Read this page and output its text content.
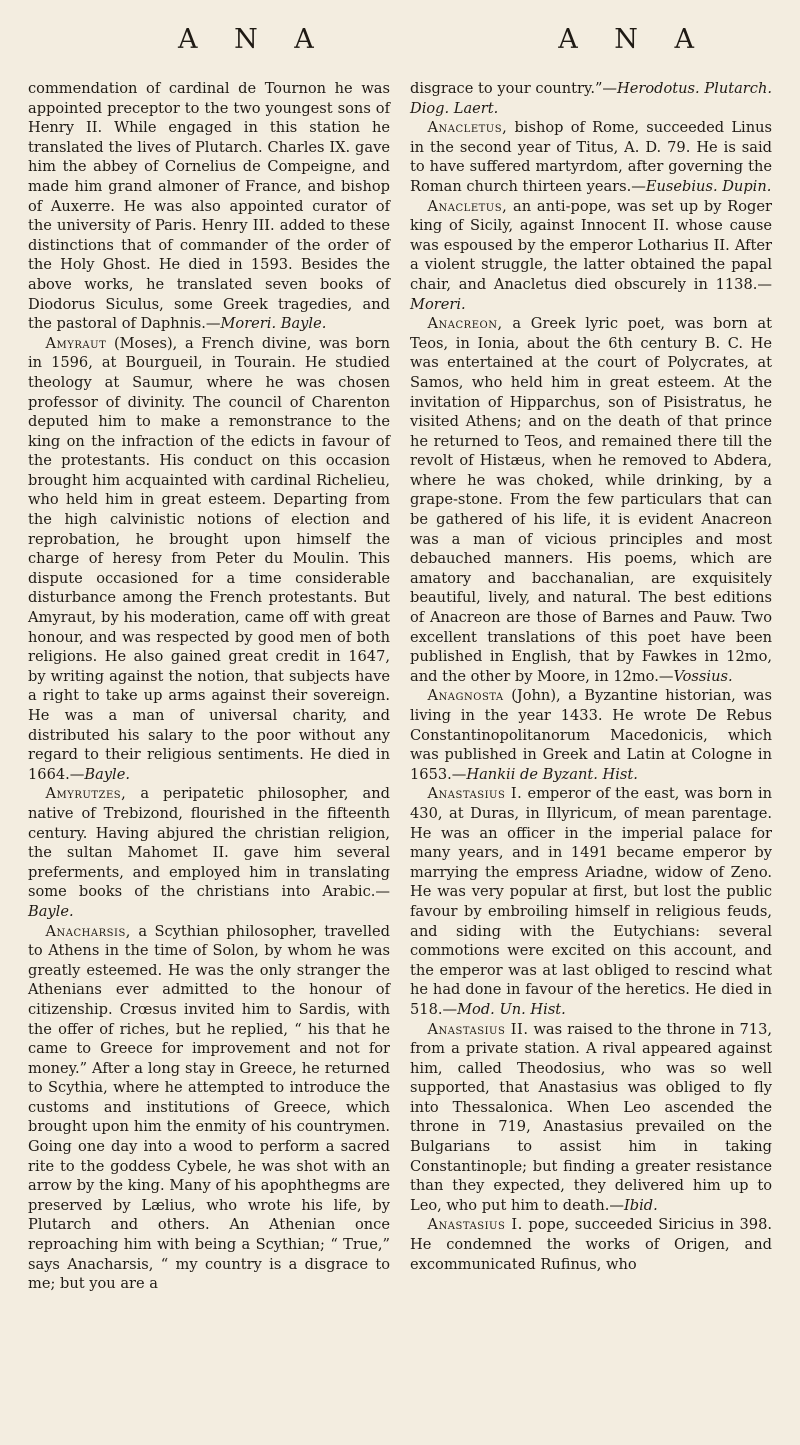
A N A	A N A

commendation of cardinal de Tournon he was appointed preceptor to the two youngest sons of Henry II. While engaged in this station he translated the lives of Plutarch. Charles IX. gave him the abbey of Cornelius de Compeigne, and made him grand almoner of France, and bishop of Auxerre. He was also appointed curator of the university of Paris. Henry III. added to these distinctions that of commander of the order of the Holy Ghost. He died in 1593. Besides the above works, he translated seven books of Diodorus Siculus, some Greek tragedies, and the pastoral of Daphnis.—Moreri. Bayle.

Amyraut (Moses), a French divine, was born in 1596, at Bourgueil, in Tourain. He studied theology at Saumur, where he was chosen professor of divinity. The council of Charenton deputed him to make a remonstrance to the king on the infraction of the edicts in favour of the protestants. His conduct on this occasion brought him acquainted with cardinal Richelieu, who held him in great esteem. Departing from the high calvinistic notions of election and reprobation, he brought upon himself the charge of heresy from Peter du Moulin. This dispute occasioned for a time considerable disturbance among the French protestants. But Amyraut, by his moderation, came off with great honour, and was respected by good men of both religions. He also gained great credit in 1647, by writing against the notion, that subjects have a right to take up arms against their sovereign. He was a man of universal charity, and distributed his salary to the poor without any regard to their religious sentiments. He died in 1664.—Bayle.

Amyrutzes, a peripatetic philosopher, and native of Trebizond, flourished in the fifteenth century. Having abjured the christian religion, the sultan Mahomet II. gave him several preferments, and employed him in translating some books of the christians into Arabic.—Bayle.

Anacharsis, a Scythian philosopher, travelled to Athens in the time of Solon, by whom he was greatly esteemed. He was the only stranger the Athenians ever admitted to the honour of citizenship. Crœsus invited him to Sardis, with the offer of riches, but he replied, “ his that he came to Greece for improvement and not for money.” After a long stay in Greece, he returned to Scythia, where he attempted to introduce the customs and institutions of Greece, which brought upon him the enmity of his countrymen. Going one day into a wood to perform a sacred rite to the goddess Cybele, he was shot with an arrow by the king. Many of his apophthegms are preserved by Lælius, who wrote his life, by Plutarch and others. An Athenian once reproaching him with being a Scythian; “ True,” says Anacharsis, “ my country is a disgrace to me; but you are a

disgrace to your country.”—Herodotus. Plutarch. Diog. Laert.

Anacletus, bishop of Rome, succeeded Linus in the second year of Titus, A. D. 79. He is said to have suffered martyrdom, after governing the Roman church thirteen years.—Eusebius. Dupin.

Anacletus, an anti-pope, was set up by Roger king of Sicily, against Innocent II. whose cause was espoused by the emperor Lotharius II. After a violent struggle, the latter obtained the papal chair, and Anacletus died obscurely in 1138.—Moreri.

Anacreon, a Greek lyric poet, was born at Teos, in Ionia, about the 6th century B. C. He was entertained at the court of Polycrates, at Samos, who held him in great esteem. At the invitation of Hipparchus, son of Pisistratus, he visited Athens; and on the death of that prince he returned to Teos, and remained there till the revolt of Histæus, when he removed to Abdera, where he was choked, while drinking, by a grape-stone. From the few particulars that can be gathered of his life, it is evident Anacreon was a man of vicious principles and most debauched manners. His poems, which are amatory and bacchanalian, are exquisitely beautiful, lively, and natural. The best editions of Anacreon are those of Barnes and Pauw. Two excellent translations of this poet have been published in English, that by Fawkes in 12mo, and the other by Moore, in 12mo.—Vossius.

Anagnosta (John), a Byzantine historian, was living in the year 1433. He wrote De Rebus Constantinopolitanorum Macedonicis, which was published in Greek and Latin at Cologne in 1653.—Hankii de Byzant. Hist.

Anastasius I. emperor of the east, was born in 430, at Duras, in Illyricum, of mean parentage. He was an officer in the imperial palace for many years, and in 1491 became emperor by marrying the empress Ariadne, widow of Zeno. He was very popular at first, but lost the public favour by embroiling himself in religious feuds, and siding with the Eutychians: several commotions were excited on this account, and the emperor was at last obliged to rescind what he had done in favour of the heretics. He died in 518.—Mod. Un. Hist.

Anastasius II. was raised to the throne in 713, from a private station. A rival appeared against him, called Theodosius, who was so well supported, that Anastasius was obliged to fly into Thessalonica. When Leo ascended the throne in 719, Anastasius prevailed on the Bulgarians to assist him in taking Constantinople; but finding a greater resistance than they expected, they delivered him up to Leo, who put him to death.—Ibid.

Anastasius I. pope, succeeded Siricius in 398. He condemned the works of Origen, and excommunicated Rufinus, who
